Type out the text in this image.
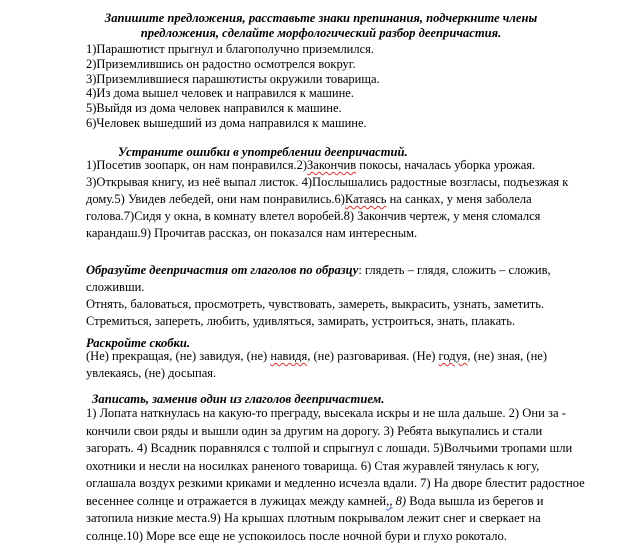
Запишите предложения, расставьте знаки препинания, подчеркните члены предложения, сделайте морфологический разбор деепричастия.
1)Парашютист прыгнул и благополучно приземлился.
2)Приземлившись он радостно осмотрелся вокруг.
3)Приземлившиеся парашютисты окружили товарища.
4)Из дома вышел человек и направился к машине.
5)Выйдя из дома человек направился к машине.
6)Человек вышедший из дома направился к машине.
Устраните ошибки в употреблении деепричастий.
1)Посетив зоопарк, он нам понравился.2)Закончив покосы, началась уборка урожая. 3)Открывая книгу, из неё выпал листок. 4)Послышались радостные возгласы, подъезжая к дому.5) Увидев лебедей, они нам понравились.6)Катаясь на санках, у меня заболела голова.7)Сидя у окна, в комнату влетел воробей.8) Закончив чертеж, у меня сломался карандаш.9) Прочитав рассказ, он показался нам интересным.
Образуйте деепричастия от глаголов по образцу: глядеть – глядя, сложить – сложив, сложивши.
Отнять, баловаться, просмотреть, чувствовать, замереть, выкрасить, узнать, заметить. Стремиться, запереть, любить, удивляться, замирать, устроиться, знать, плакать.
Раскройте скобки.
(Не) прекращая, (не) завидуя, (не) навидя, (не) разговаривая. (Не) годуя, (не) зная, (не) увлекаясь, (не) досыпая.
Записать, заменив один из глаголов деепричастием.
1) Лопата наткнулась на какую-то преграду, высекала искры и не шла дальше. 2) Они за - кончили свои ряды и вышли один за другим на дорогу. 3) Ребята выкупались и стали загорать. 4) Всадник поравнялся с толпой и спрыгнул с лошади. 5)Волчьими тропами шли охотники и несли на носилках раненого товарища. 6) Стая журавлей тянулась к югу, оглашала воздух резкими криками и медленно исчезла вдали. 7) На дворе блестит радостное весеннее солнце и отражается в лужицах между камней,, 8) Вода вышла из берегов и затопила низкие места.9) На крышах плотным покрывалом лежит снег и сверкает на солнце.10) Море все еще не успокоилось после ночной бури и глухо рокотало.
